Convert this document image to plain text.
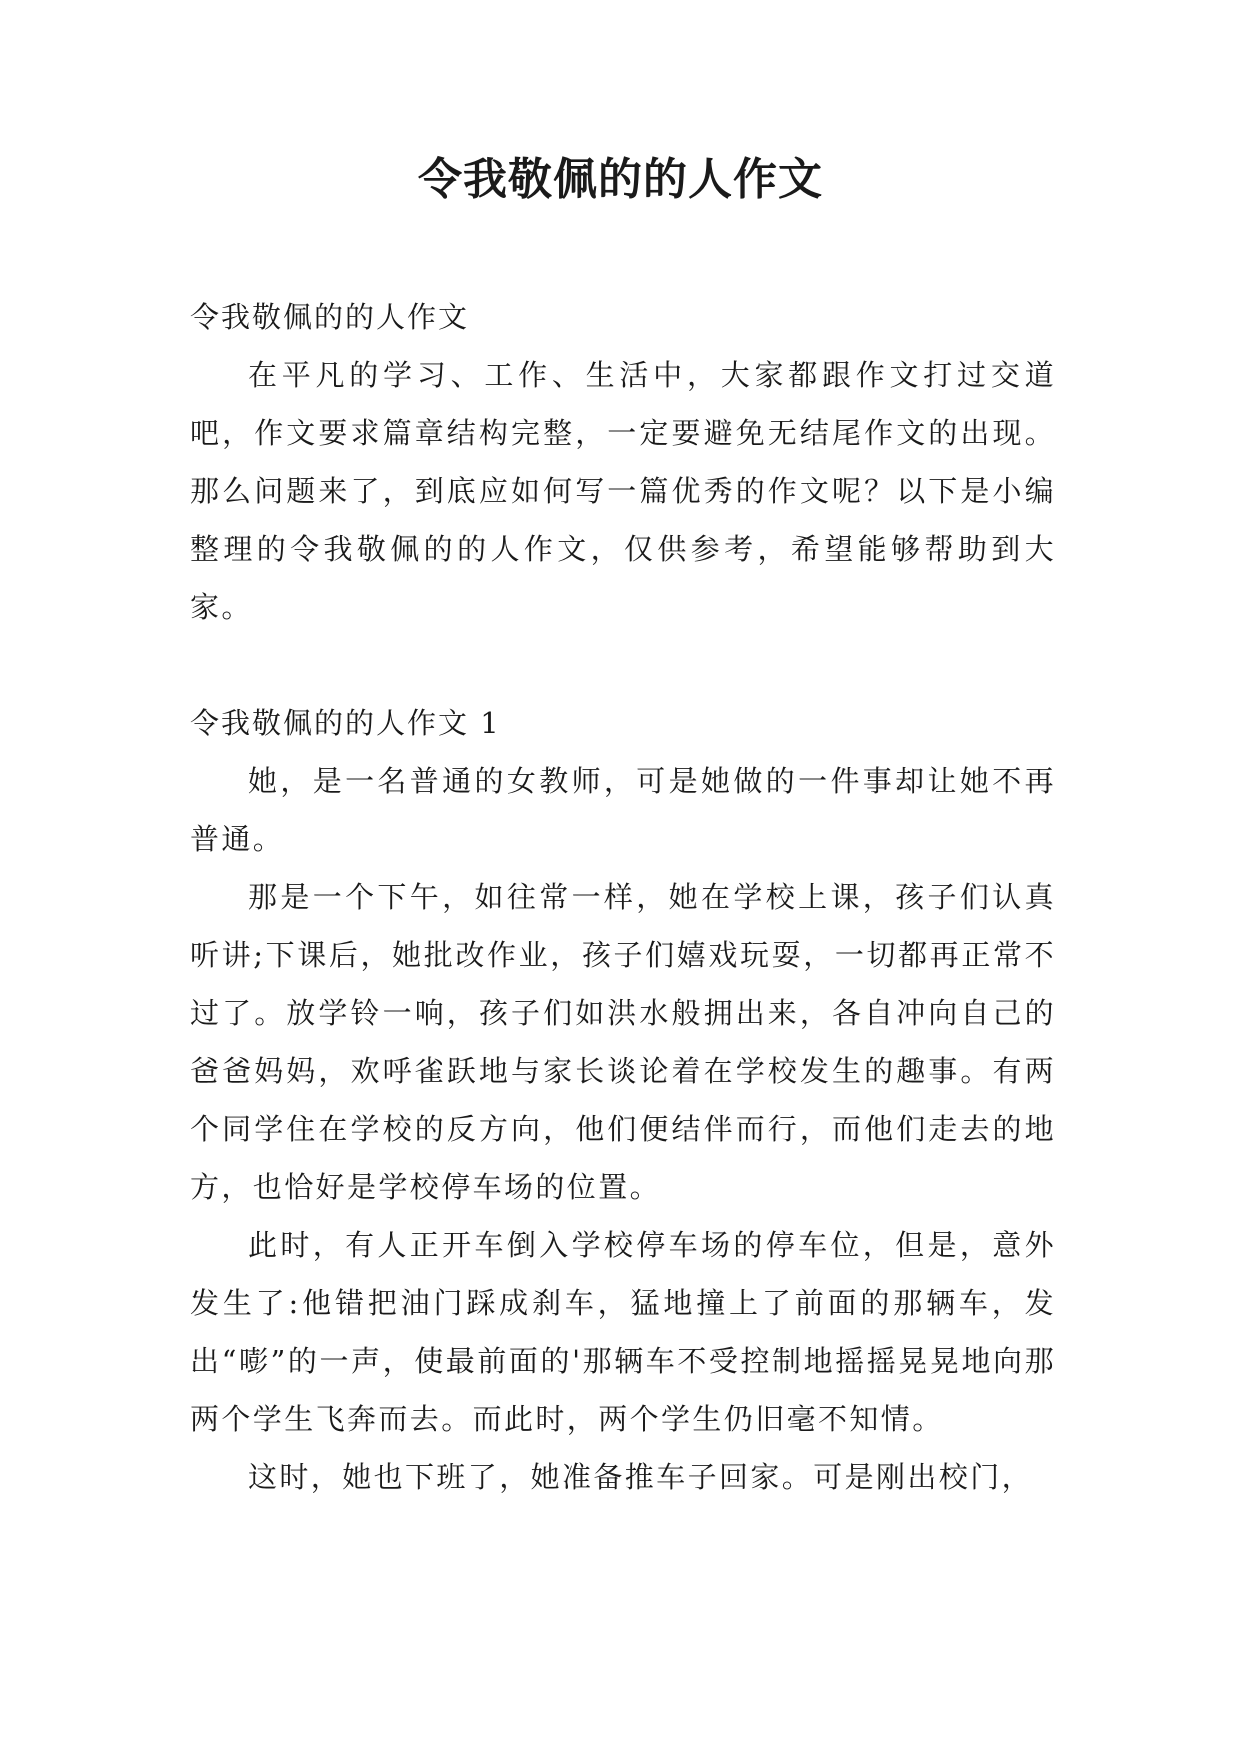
令我敬佩的的人作文

令我敬佩的的人作文

在平凡的学习、工作、生活中，大家都跟作文打过交道吧，作文要求篇章结构完整，一定要避免无结尾作文的出现。那么问题来了，到底应如何写一篇优秀的作文呢？以下是小编整理的令我敬佩的的人作文，仅供参考，希望能够帮助到大家。

令我敬佩的的人作文 1

她，是一名普通的女教师，可是她做的一件事却让她不再普通。

那是一个下午，如往常一样，她在学校上课，孩子们认真听讲;下课后，她批改作业，孩子们嬉戏玩耍，一切都再正常不过了。放学铃一响，孩子们如洪水般拥出来，各自冲向自己的爸爸妈妈，欢呼雀跃地与家长谈论着在学校发生的趣事。有两个同学住在学校的反方向，他们便结伴而行，而他们走去的地方，也恰好是学校停车场的位置。

此时，有人正开车倒入学校停车场的停车位，但是，意外发生了:他错把油门踩成刹车，猛地撞上了前面的那辆车，发出“嘭”的一声，使最前面的'那辆车不受控制地摇摇晃晃地向那两个学生飞奔而去。而此时，两个学生仍旧毫不知情。

这时，她也下班了，她准备推车子回家。可是刚出校门，
